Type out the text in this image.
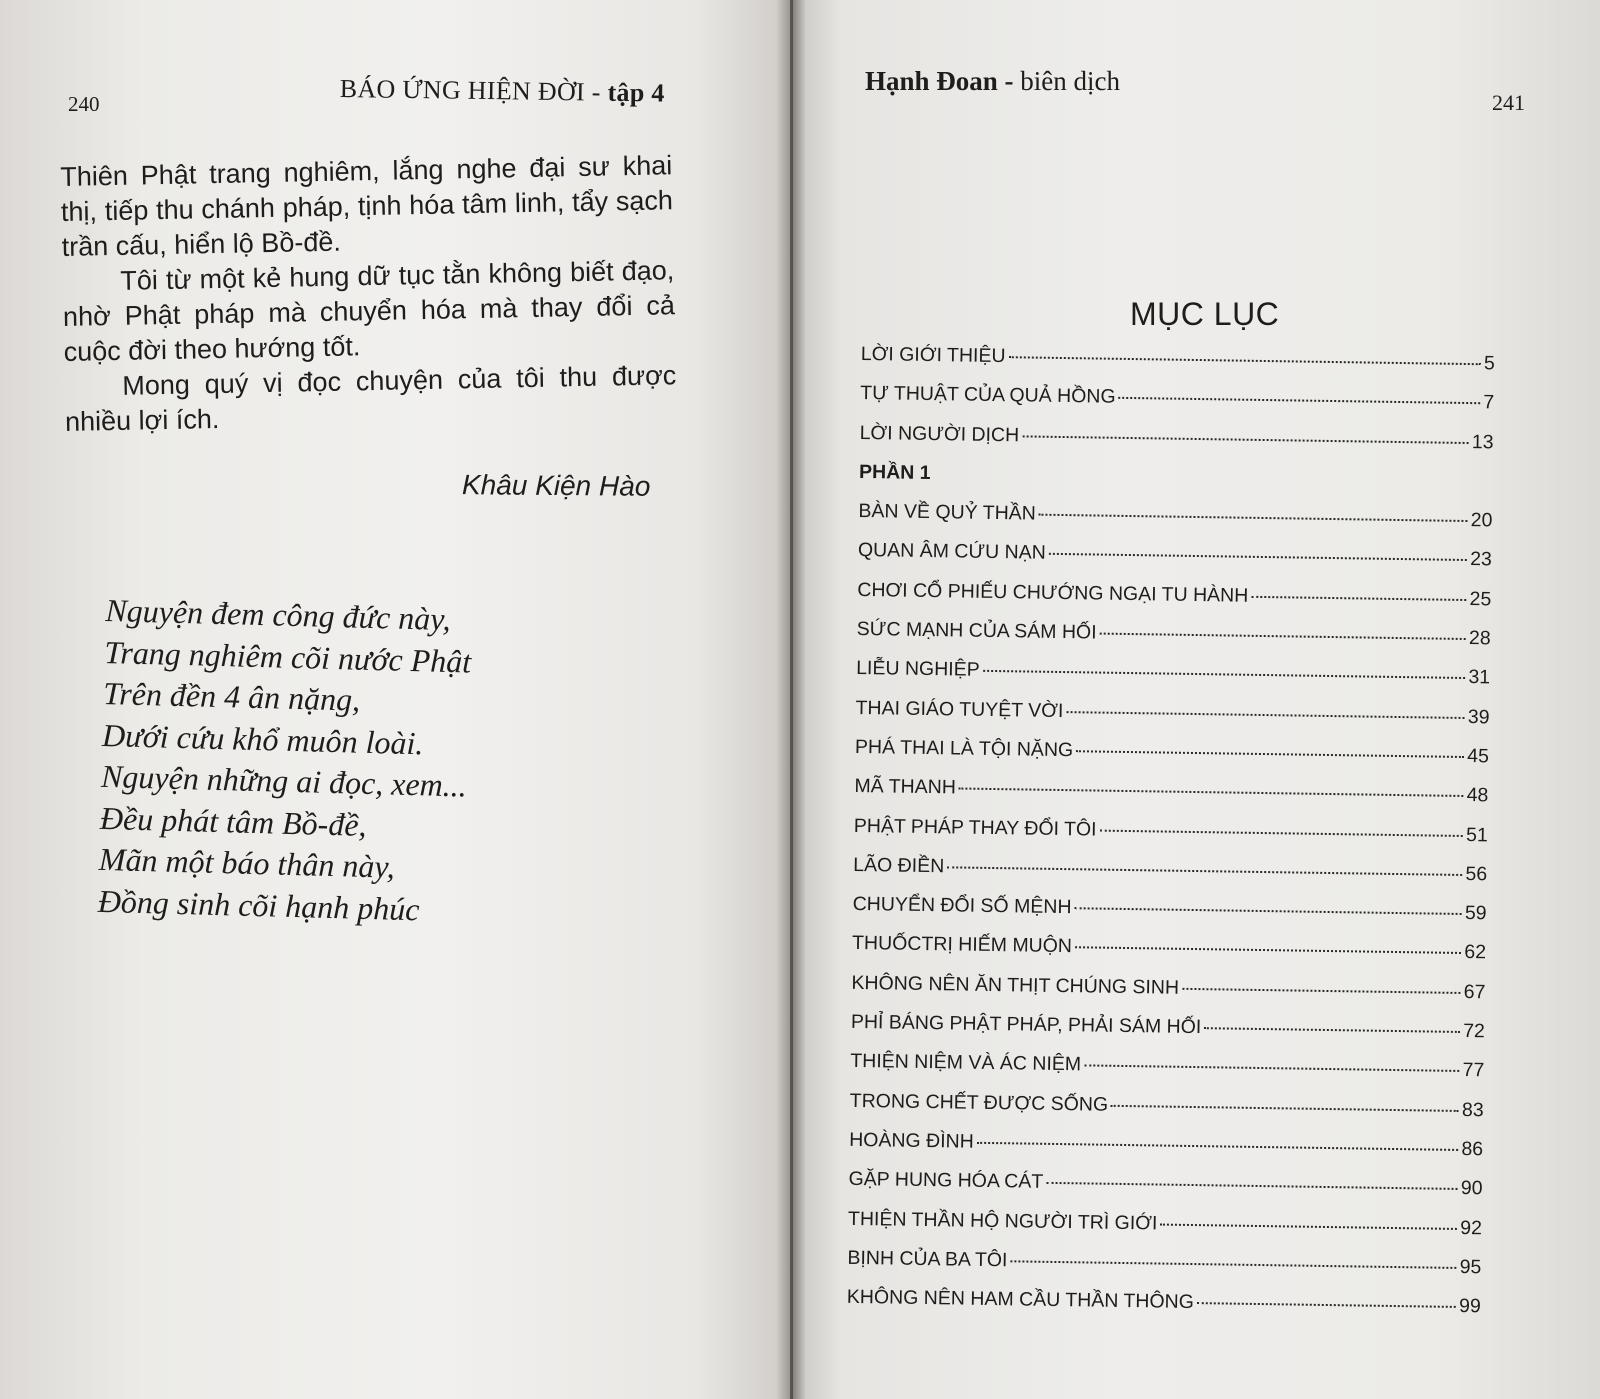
240	BÁO ỨNG HIỆN ĐỜI - tập 4

Thiên Phật trang nghiêm, lắng nghe đại sư khai thị, tiếp thu chánh pháp, tịnh hóa tâm linh, tẩy sạch trần cấu, hiển lộ Bồ-đề.

Tôi từ một kẻ hung dữ tục tằn không biết đạo, nhờ Phật pháp mà chuyển hóa mà thay đổi cả cuộc đời theo hướng tốt.

Mong quý vị đọc chuyện của tôi thu được nhiều lợi ích.

Khâu Kiện Hào
Nguyện đem công đức này,
Trang nghiêm cõi nước Phật
Trên đền 4 ân nặng,
Dưới cứu khổ muôn loài.
Nguyện những ai đọc, xem...
Đều phát tâm Bồ-đề,
Mãn một báo thân này,
Đồng sinh cõi hạnh phúc
Hạnh Đoan - biên dịch
241
MỤC LỤC
LỜI GIỚI THIỆU	5
TỰ THUẬT CỦA QUẢ HỒNG	7
LỜI NGƯỜI DỊCH	13
PHẦN 1
BÀN VỀ QUỶ THẦN	20
QUAN ÂM CỨU NẠN	23
CHƠI CỔ PHIẾU CHƯỚNG NGẠI TU HÀNH	25
SỨC MẠNH CỦA SÁM HỐI	28
LIỄU NGHIỆP	31
THAI GIÁO TUYỆT VỜI	39
PHÁ THAI LÀ TỘI NẶNG	45
MÃ THANH	48
PHẬT PHÁP THAY ĐỔI TÔI	51
LÃO ĐIỀN	56
CHUYỂN ĐỔI SỐ MỆNH	59
THUỐCTRỊ HIẾM MUỘN	62
KHÔNG NÊN ĂN THỊT CHÚNG SINH	67
PHỈ BÁNG PHẬT PHÁP, PHẢI SÁM HỐI	72
THIỆN NIỆM VÀ ÁC NIỆM	77
TRONG CHẾT ĐƯỢC SỐNG	83
HOÀNG ĐÌNH	86
GẶP HUNG HÓA CÁT	90
THIỆN THẦN HỘ NGƯỜI TRÌ GIỚI	92
BỊNH CỦA BA TÔI	95
KHÔNG NÊN HAM CẦU THẦN THÔNG	99
